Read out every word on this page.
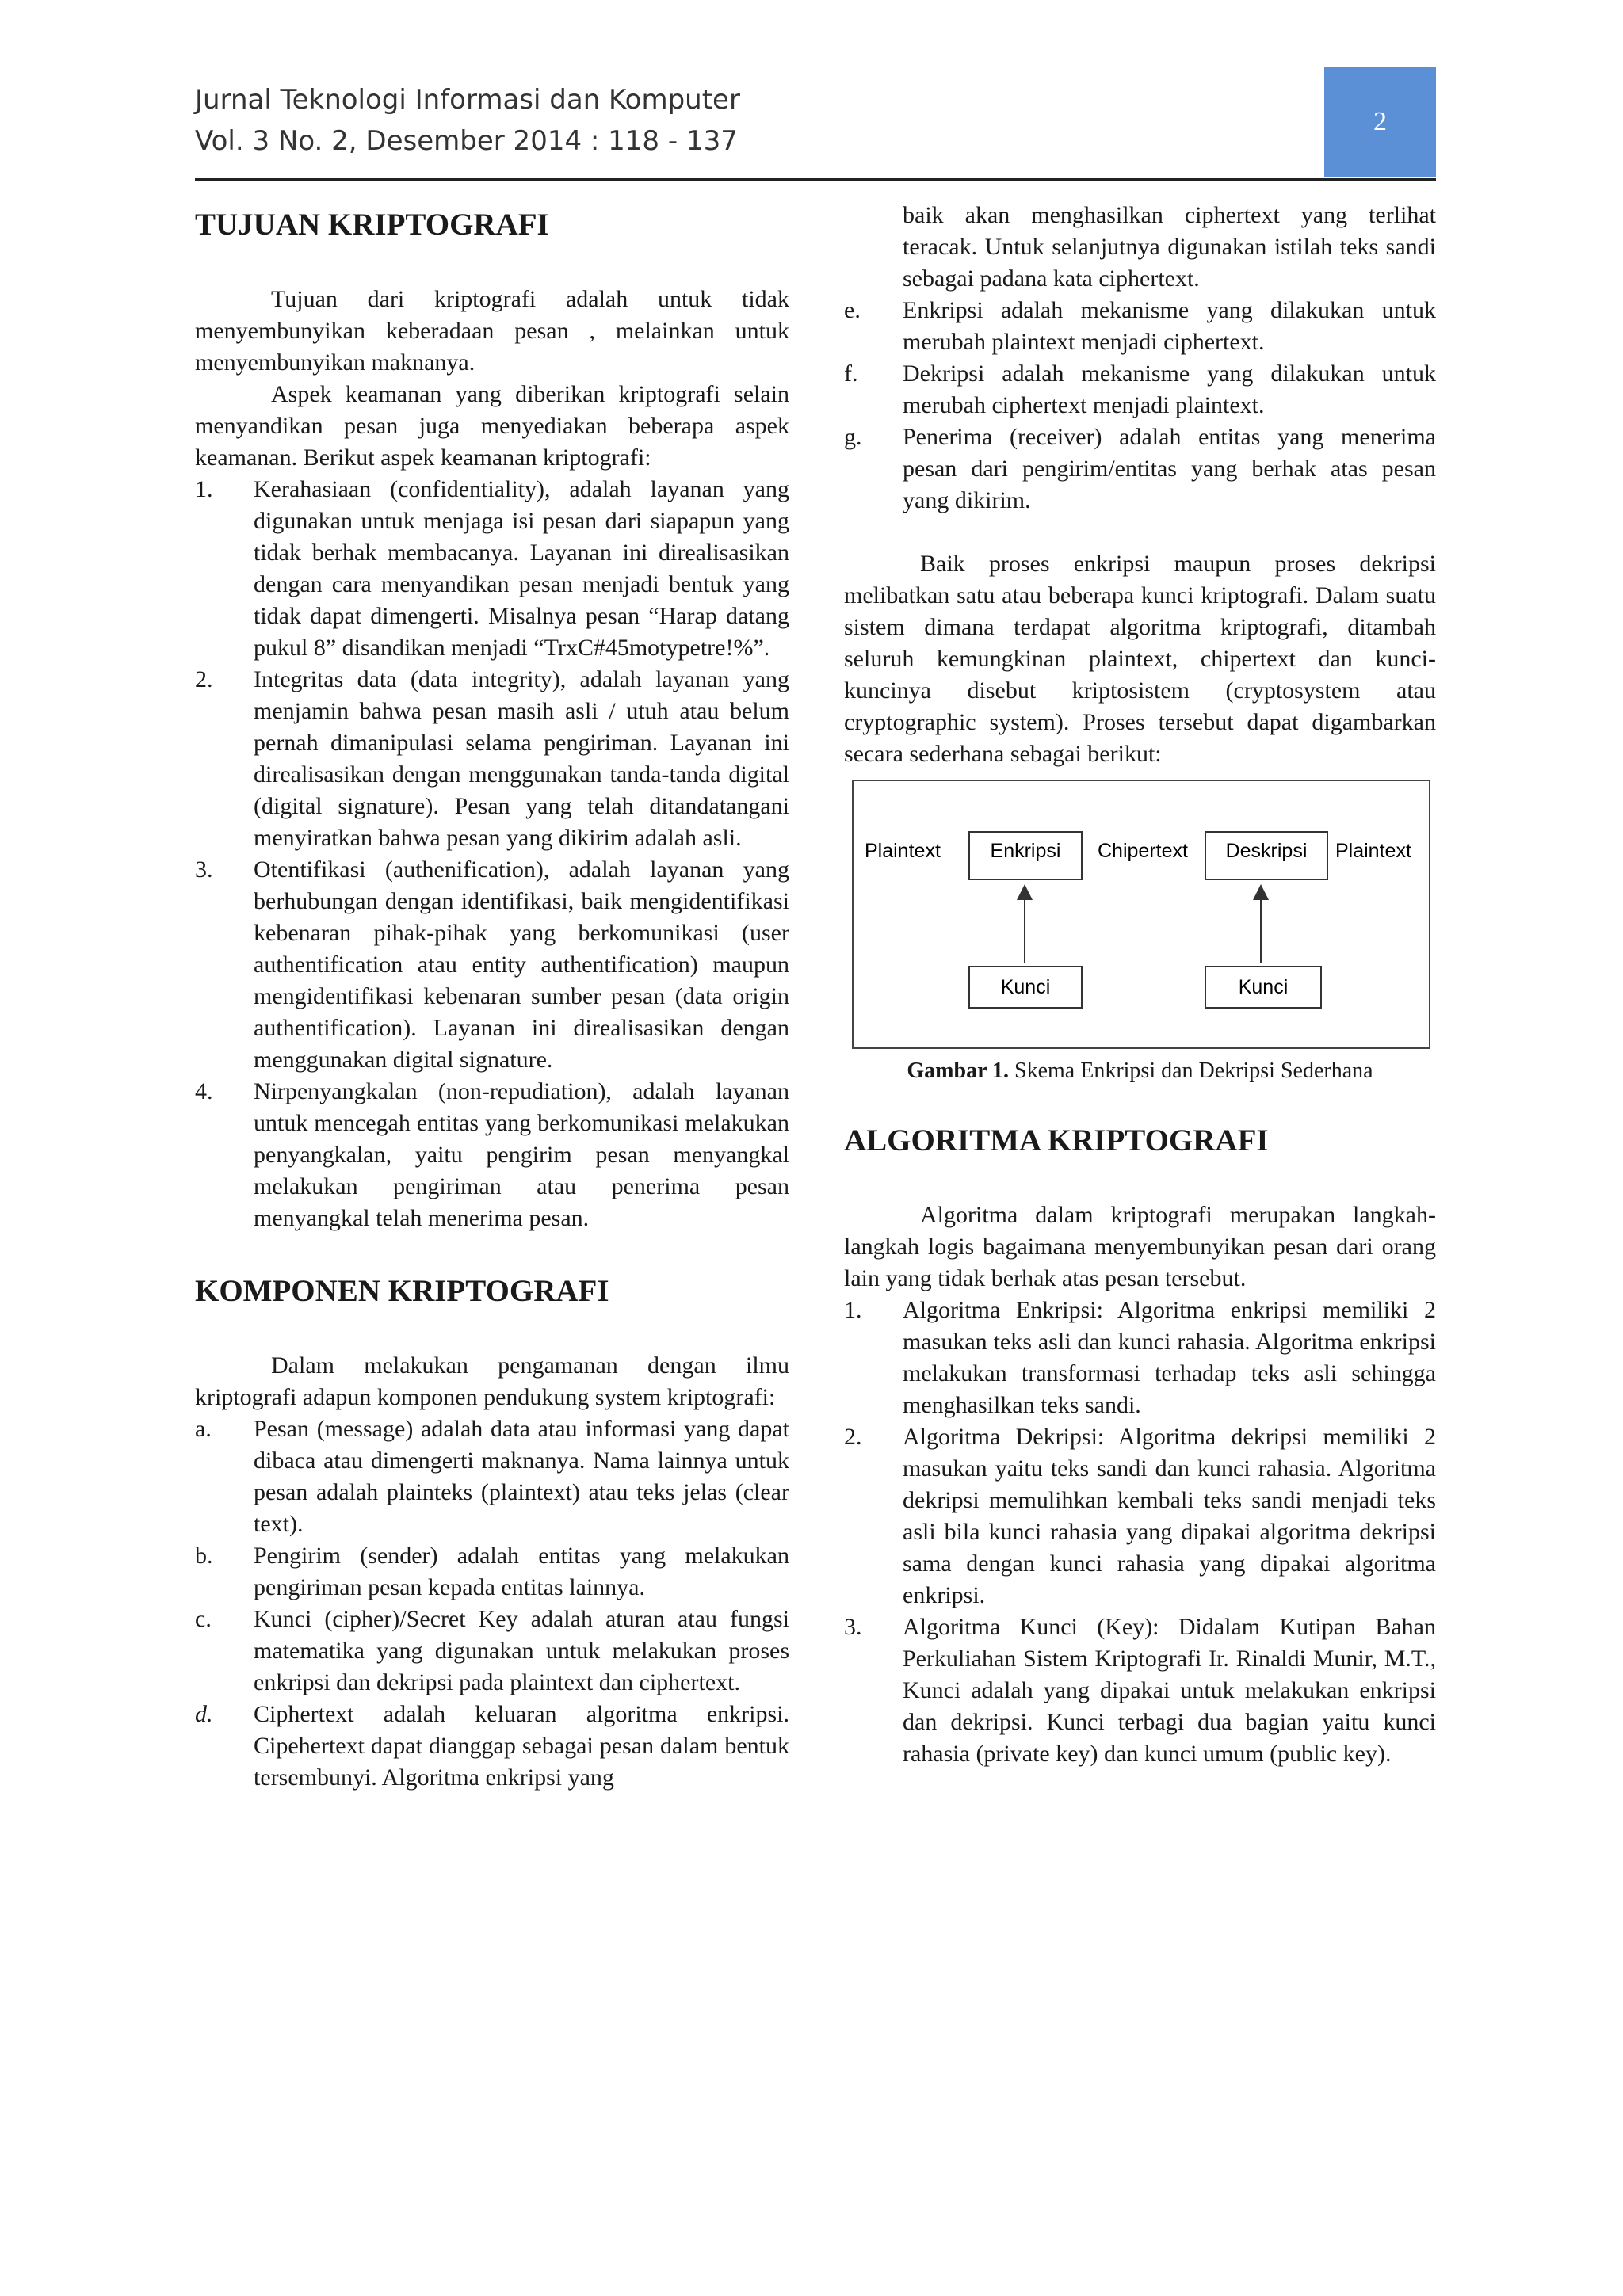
Jurnal Teknologi Informasi dan Komputer
Vol. 3 No. 2, Desember 2014 : 118 - 137
2
TUJUAN KRIPTOGRAFI

Tujuan dari kriptografi adalah untuk tidak menyembunyikan keberadaan pesan , melainkan untuk menyembunyikan maknanya.

Aspek keamanan yang diberikan kriptografi selain menyandikan pesan juga menyediakan beberapa aspek keamanan. Berikut aspek keamanan kriptografi:

1.	Kerahasiaan (confidentiality), adalah layanan yang digunakan untuk menjaga isi pesan dari siapapun yang tidak berhak membacanya. Layanan ini direalisasikan dengan cara menyandikan pesan menjadi bentuk yang tidak dapat dimengerti. Misalnya pesan “Harap datang pukul 8” disandikan menjadi “TrxC#45motypetre!%”.
2.	Integritas data (data integrity), adalah layanan yang menjamin bahwa pesan masih asli / utuh atau belum pernah dimanipulasi selama pengiriman. Layanan ini direalisasikan dengan menggunakan tanda-tanda digital (digital signature). Pesan yang telah ditandatangani menyiratkan bahwa pesan yang dikirim adalah asli.
3.	Otentifikasi (authenification), adalah layanan yang berhubungan dengan identifikasi, baik mengidentifikasi kebenaran pihak-pihak yang berkomunikasi (user authentification atau entity authentification) maupun mengidentifikasi kebenaran sumber pesan (data origin authentification). Layanan ini direalisasikan dengan menggunakan digital signature.
4.	Nirpenyangkalan (non-repudiation), adalah layanan untuk mencegah entitas yang berkomunikasi melakukan penyangkalan, yaitu pengirim pesan menyangkal melakukan pengiriman atau penerima pesan menyangkal telah menerima pesan.
KOMPONEN KRIPTOGRAFI

Dalam melakukan pengamanan dengan ilmu kriptografi adapun komponen pendukung system kriptografi:

a.	Pesan (message) adalah data atau informasi yang dapat dibaca atau dimengerti maknanya. Nama lainnya untuk pesan adalah plainteks (plaintext) atau teks jelas (clear text).
b.	Pengirim (sender) adalah entitas yang melakukan pengiriman pesan kepada entitas lainnya.
c.	Kunci (cipher)/Secret Key adalah aturan atau fungsi matematika yang digunakan untuk melakukan proses enkripsi dan dekripsi pada plaintext dan ciphertext.
d.	Ciphertext adalah keluaran algoritma enkripsi. Cipehertext dapat dianggap sebagai pesan dalam bentuk tersembunyi. Algoritma enkripsi yang
baik akan menghasilkan ciphertext yang terlihat teracak. Untuk selanjutnya digunakan istilah teks sandi sebagai padana kata ciphertext.
e.	Enkripsi adalah mekanisme yang dilakukan untuk merubah plaintext menjadi ciphertext.
f.	Dekripsi adalah mekanisme yang dilakukan untuk merubah ciphertext menjadi plaintext.
g.	Penerima (receiver) adalah entitas yang menerima pesan dari pengirim/entitas yang berhak atas pesan yang dikirim.

Baik proses enkripsi maupun proses dekripsi melibatkan satu atau beberapa kunci kriptografi. Dalam suatu sistem dimana terdapat algoritma kriptografi, ditambah seluruh kemungkinan plaintext, chipertext dan kunci-kuncinya disebut kriptosistem (cryptosystem atau cryptographic system). Proses tersebut dapat digambarkan secara sederhana sebagai berikut:

Plaintext	Enkripsi Chipertext Deskripsi Plaintext
Kunci	Kunci
Gambar 1. Skema Enkripsi dan Dekripsi Sederhana
ALGORITMA KRIPTOGRAFI

Algoritma dalam kriptografi merupakan langkah-langkah logis bagaimana menyembunyikan pesan dari orang lain yang tidak berhak atas pesan tersebut.

1.	Algoritma Enkripsi: Algoritma enkripsi memiliki 2 masukan teks asli dan kunci rahasia. Algoritma enkripsi melakukan transformasi terhadap teks asli sehingga menghasilkan teks sandi.
2.	Algoritma Dekripsi: Algoritma dekripsi memiliki 2 masukan yaitu teks sandi dan kunci rahasia. Algoritma dekripsi memulihkan kembali teks sandi menjadi teks asli bila kunci rahasia yang dipakai algoritma dekripsi sama dengan kunci rahasia yang dipakai algoritma enkripsi.
3.	Algoritma Kunci (Key): Didalam Kutipan Bahan Perkuliahan Sistem Kriptografi Ir. Rinaldi Munir, M.T., Kunci adalah yang dipakai untuk melakukan enkripsi dan dekripsi. Kunci terbagi dua bagian yaitu kunci rahasia (private key) dan kunci umum (public key).
